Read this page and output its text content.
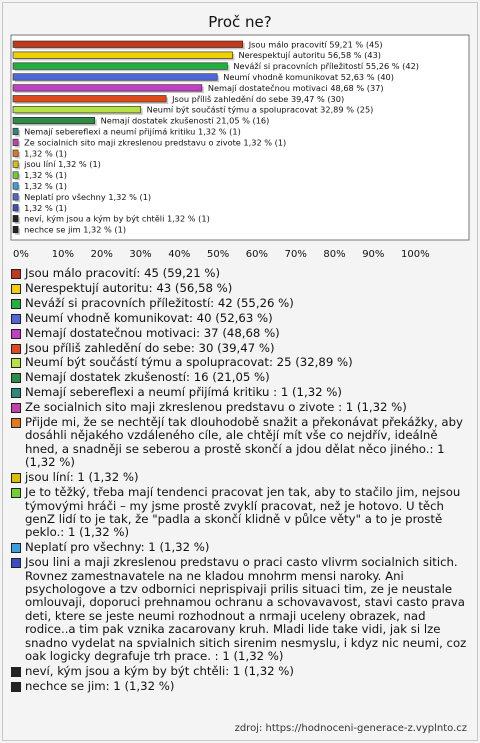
Proč ne?
Jsou málo pracovití 59,21 % (45)
Nerespektují autoritu 56,58 % (43)
Neváží si pracovních příležitostí 55,26 % (42)
Neumí vhodně komunikovat 52,63 % (40)
Nemají dostatečnou motivaci 48,68 % (37)
Jsou příliš zahledění do sebe 39,47 % (30)
Neumí být součástí týmu a spolupracovat 32,89 % (25)
Nemají dostatek zkušeností 21,05 % (16)
Nemají sebereflexi a neumí přijímá kritiku 1,32 % (1)
Ze socialnich sito maji zkreslenou predstavu o zivote 1,32 % (1)
1,32 % (1)
jsou líní 1,32 % (1)
1,32 % (1)
1,32 % (1)
Neplatí pro všechny 1,32 % (1)
1,32 % (1)
neví, kým jsou a kým by být chtěli 1,32 % (1)
nechce se jim 1,32 % (1)
0% 10% 20% 30% 40% 50% 60% 70% 80% 90% 100%
Jsou málo pracovití: 45 (59,21 %)
Nerespektují autoritu: 43 (56,58 %)
Neváží si pracovních příležitostí: 42 (55,26 %)
Neumí vhodně komunikovat: 40 (52,63 %)
Nemají dostatečnou motivaci: 37 (48,68 %)
Jsou příliš zahledění do sebe: 30 (39,47 %)
Neumí být součástí týmu a spolupracovat: 25 (32,89 %)
Nemají dostatek zkušeností: 16 (21,05 %)
Nemají sebereflexi a neumí přijímá kritiku : 1 (1,32 %)
Ze socialnich sito maji zkreslenou predstavu o zivote : 1 (1,32 %)
Přijde mi, že se nechtějí tak dlouhodobě snažit a překonávat překážky, aby dosáhli nějakého vzdáleného cíle, ale chtějí mít vše co nejdřív, ideálně hned, a snadněji se seberou a prostě skončí a jdou dělat něco jiného.: 1 (1,32 %)
jsou líní: 1 (1,32 %)
Je to těžký, třeba mají tendenci pracovat jen tak, aby to stačilo jim, nejsou týmovými hráči – my jsme prostě zvyklí pracovat, než je hotovo. U těch genZ lidí to je tak, že "padla a skončí klidně v půlce věty" a to je prostě peklo.: 1 (1,32 %)
Neplatí pro všechny: 1 (1,32 %)
Jsou lini a maji zkreslenou predstavu o praci casto vlivrm socialnich sitich. Rovnez zamestnavatele na ne kladou mnohrm mensi naroky. Ani psychologove a tzv odbornici neprispivaji prilis situaci tim, ze je neustale omlouvaji, doporuci prehnamou ochranu a schovavavost, stavi casto prava deti, ktere se jeste neumi rozhodnout a nrmaji uceleny obrazek, nad rodice..a tim pak vznika zacarovany kruh. Mladi lide take vidi, jak si lze snadno vydelat na spvialnich sitich sirenim nesmyslu, i kdyz nic neumi, coz oak logicky degrafuje trh prace. : 1 (1,32 %)
neví, kým jsou a kým by být chtěli: 1 (1,32 %)
nechce se jim: 1 (1,32 %)
zdroj: https://hodnoceni-generace-z.vyplnto.cz
